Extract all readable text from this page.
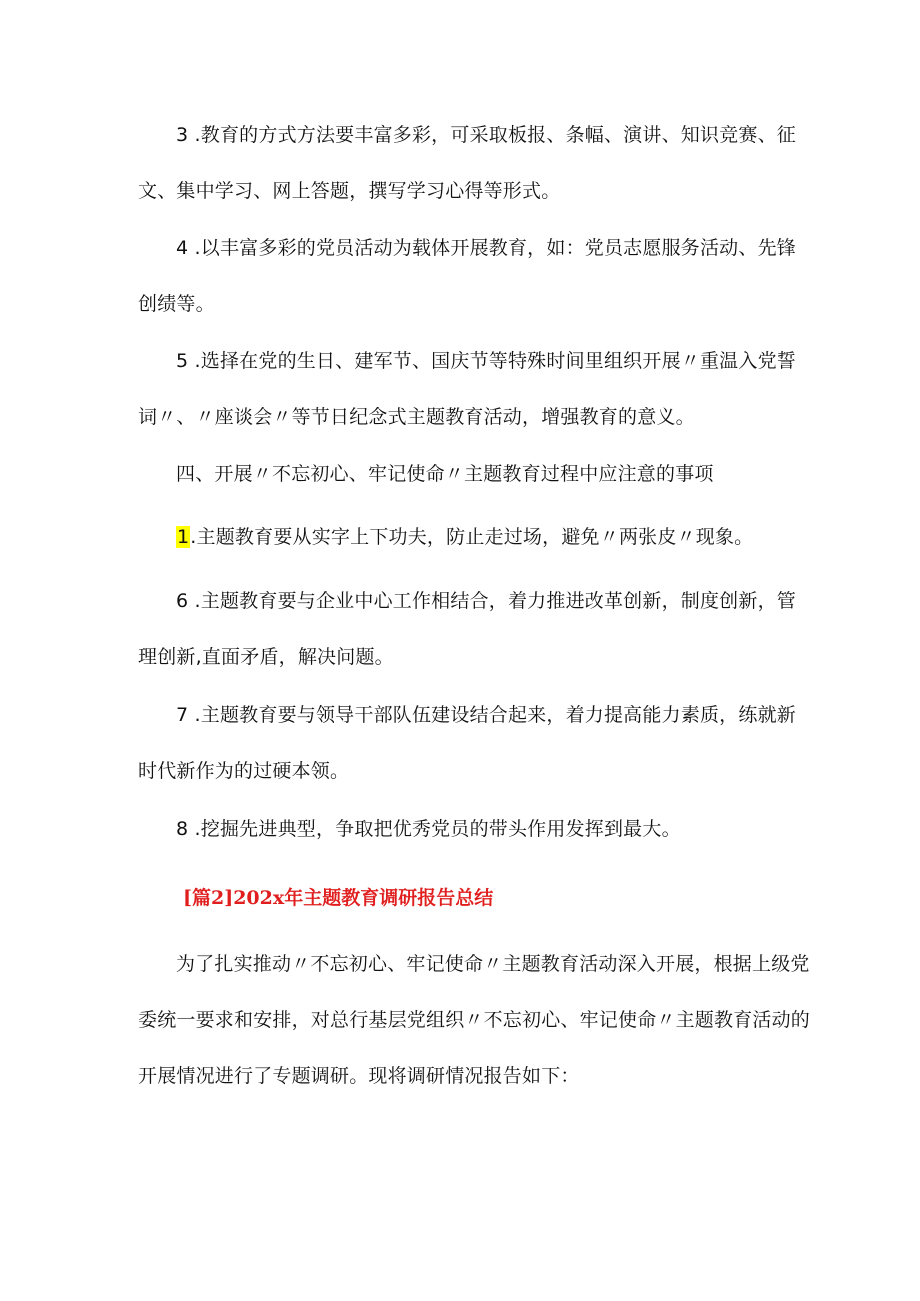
3 .教育的方式方法要丰富多彩，可采取板报、条幅、演讲、知识竞赛、征
文、集中学习、网上答题，撰写学习心得等形式。

4 .以丰富多彩的党员活动为载体开展教育，如：党员志愿服务活动、先锋
创绩等。

5 .选择在党的生日、建军节、国庆节等特殊时间里组织开展〃重温入党誓
词〃、〃座谈会〃等节日纪念式主题教育活动，增强教育的意义。

四、开展〃不忘初心、牢记使命〃主题教育过程中应注意的事项

1.主题教育要从实字上下功夫，防止走过场，避免〃两张皮〃现象。

6 .主题教育要与企业中心工作相结合，着力推进改革创新，制度创新，管
理创新,直面矛盾，解决问题。

7 .主题教育要与领导干部队伍建设结合起来，着力提高能力素质，练就新
时代新作为的过硬本领。

8 .挖掘先进典型，争取把优秀党员的带头作用发挥到最大。

[篇2]202x年主题教育调研报告总结

为了扎实推动〃不忘初心、牢记使命〃主题教育活动深入开展，根据上级党
委统一要求和安排，对总行基层党组织〃不忘初心、牢记使命〃主题教育活动的
开展情况进行了专题调研。现将调研情况报告如下：
